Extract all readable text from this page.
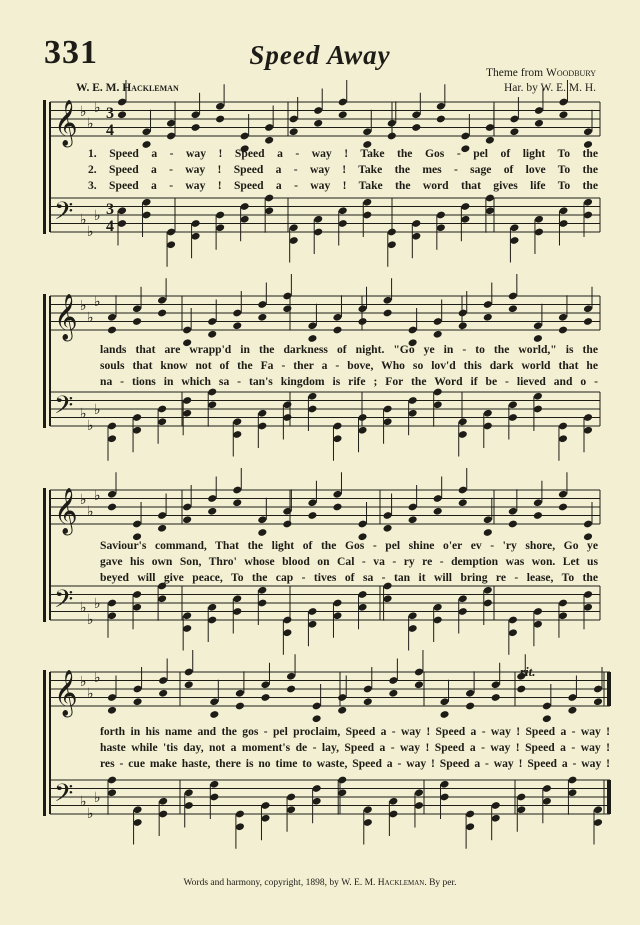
331	Speed Away
W. E. M. Hackleman
Theme from Woodbury
Har. by W. E. M. H.
𝄞 ♭
♭
♭ 3
4
𝄢 ♭
♭
♭ 3
4
𝄞 ♭
♭
♭
𝄢 ♭
♭
♭
𝄞 ♭
♭
♭
𝄢 ♭
♭
♭
𝄞 ♭
♭
♭
𝄢 ♭
♭
♭
1. Speed a - way ! Speed a - way ! Take the Gos - pel of light To the
2. Speed a - way ! Speed a - way ! Take the mes - sage of love To the
3. Speed a - way ! Speed a - way ! Take the word that gives life To the
lands that are wrapp'd in the darkness of night. "Go ye in - to the world," is the
souls that know not of the Fa - ther a - bove, Who so lov'd this dark world that he
na - tions in which sa - tan's kingdom is rife ; For the Word if be - lieved and o -
Saviour's command, That the light of the Gos - pel shine o'er ev - 'ry shore, Go ye
gave his own Son, Thro' whose blood on Cal - va - ry re - demption was won. Let us
beyed will give peace, To the cap - tives of sa - tan it will bring re - lease, To the
forth in his name and the gos - pel proclaim, Speed a - way ! Speed a - way ! Speed a - way !
haste while 'tis day, not a moment's de - lay, Speed a - way ! Speed a - way ! Speed a - way !
res - cue make haste, there is no time to waste, Speed a - way ! Speed a - way ! Speed a - way !
rit.
Words and harmony, copyright, 1898, by W. E. M. Hackleman. By per.
